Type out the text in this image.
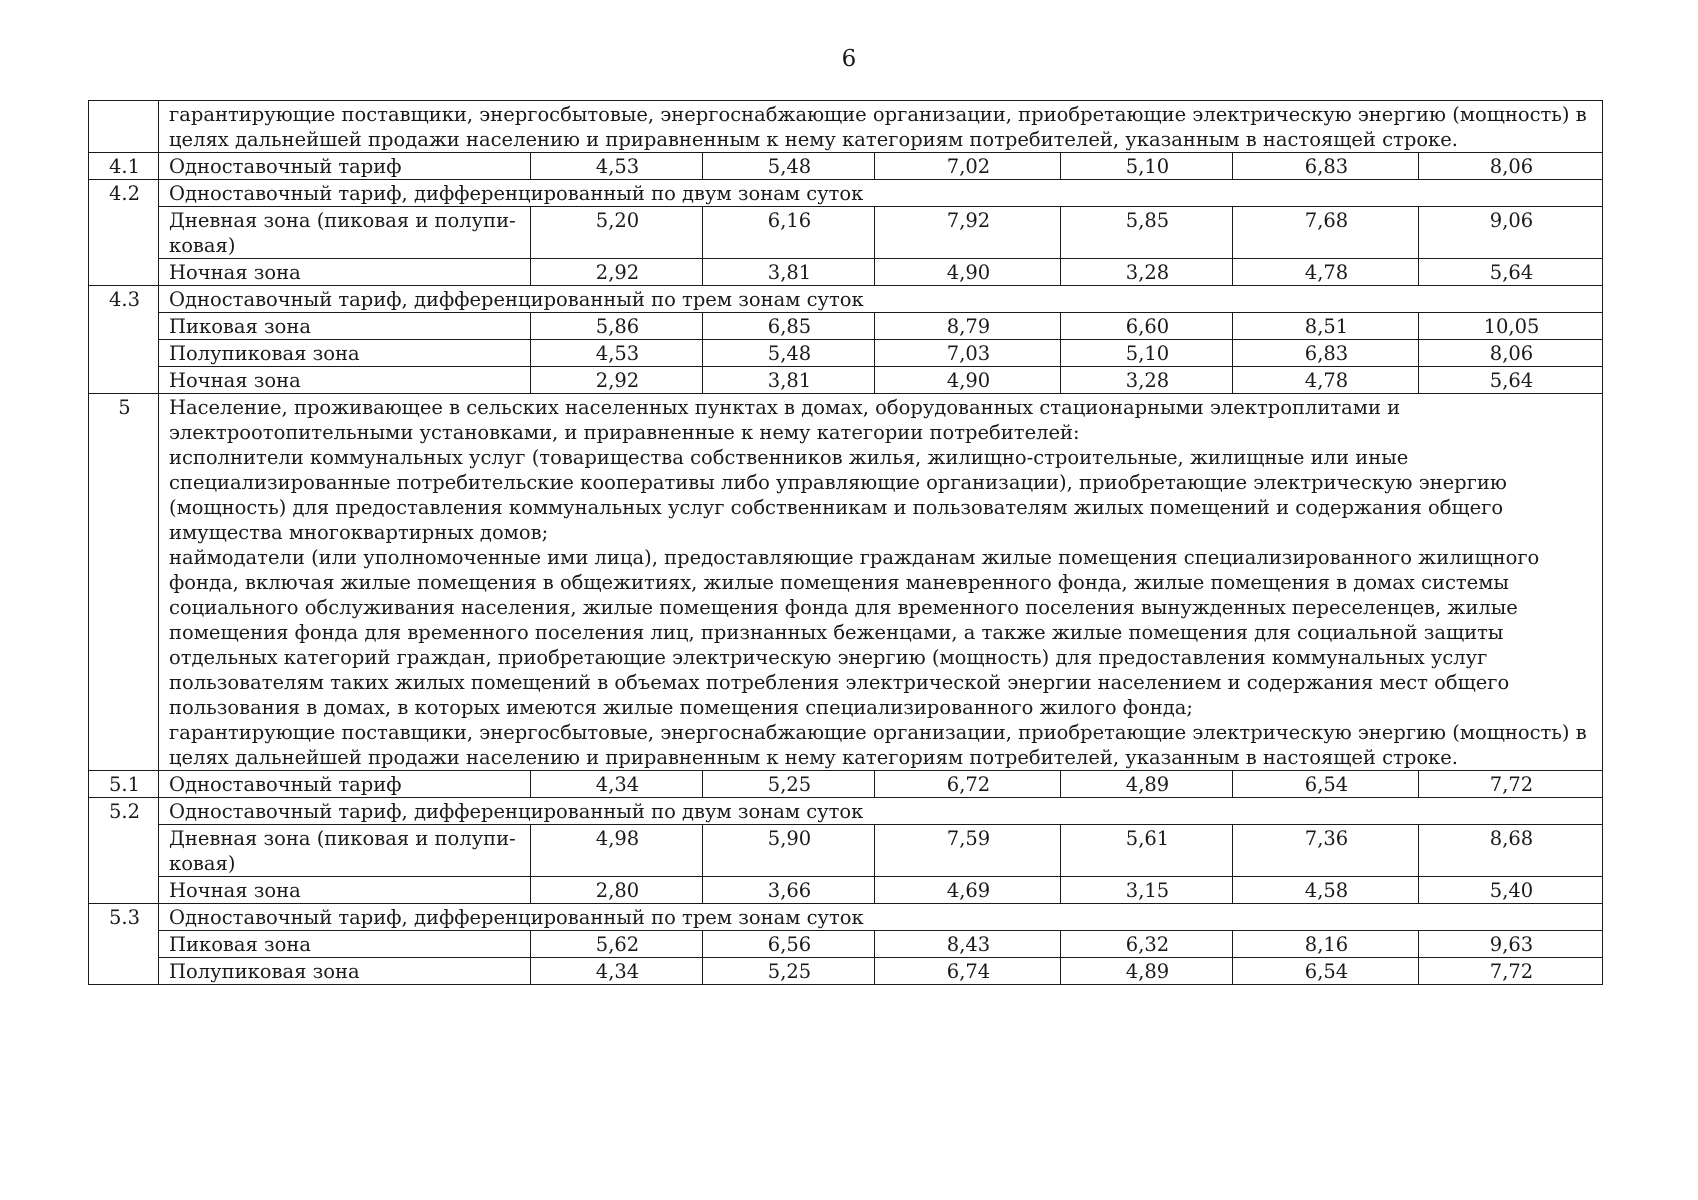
6
	гарантирующие поставщики, энергосбытовые, энергоснабжающие организации, приобретающие электрическую энергию (мощность) в целях дальнейшей продажи населению и приравненным к нему категориям потребителей, указанным в настоящей строке.						
4.1	Одноставочный тариф	4,53	5,48	7,02	5,10	6,83	8,06
4.2	Одноставочный тариф, дифференцированный по двум зонам суток						
	Дневная зона (пиковая и полупи-ковая)	5,20	6,16	7,92	5,85	7,68	9,06
	Ночная зона	2,92	3,81	4,90	3,28	4,78	5,64
4.3	Одноставочный тариф, дифференцированный по трем зонам суток						
	Пиковая зона	5,86	6,85	8,79	6,60	8,51	10,05
	Полупиковая зона	4,53	5,48	7,03	5,10	6,83	8,06
	Ночная зона	2,92	3,81	4,90	3,28	4,78	5,64
5	Население, проживающее в сельских населенных пунктах в домах, оборудованных стационарными электроплитами и электроотопительными установками, и приравненные к нему категории потребителей:
исполнители коммунальных услуг (товарищества собственников жилья, жилищно-строительные, жилищные или иные специализированные потребительские кооперативы либо управляющие организации), приобретающие электрическую энергию (мощность) для предоставления коммунальных услуг собственникам и пользователям жилых помещений и содержания общего имущества многоквартирных домов;
наймодатели (или уполномоченные ими лица), предоставляющие гражданам жилые помещения специализированного жилищного фонда, включая жилые помещения в общежитиях, жилые помещения маневренного фонда, жилые помещения в домах системы социального обслуживания населения, жилые помещения фонда для временного поселения вынужденных переселенцев, жилые помещения фонда для временного поселения лиц, признанных беженцами, а также жилые помещения для социальной защиты отдельных категорий граждан, приобретающие электрическую энергию (мощность) для предоставления коммунальных услуг пользователям таких жилых помещений в объемах потребления электрической энергии населением и содержания мест общего пользования в домах, в которых имеются жилые помещения специализированного жилого фонда;
гарантирующие поставщики, энергосбытовые, энергоснабжающие организации, приобретающие электрическую энергию (мощность) в целях дальнейшей продажи населению и приравненным к нему категориям потребителей, указанным в настоящей строке.						

5.1	Одноставочный тариф	4,34	5,25	6,72	4,89	6,54	7,72
5.2	Одноставочный тариф, дифференцированный по двум зонам суток						
	Дневная зона (пиковая и полупи-ковая)	4,98	5,90	7,59	5,61	7,36	8,68
	Ночная зона	2,80	3,66	4,69	3,15	4,58	5,40
5.3	Одноставочный тариф, дифференцированный по трем зонам суток						
	Пиковая зона	5,62	6,56	8,43	6,32	8,16	9,63
	Полупиковая зона	4,34	5,25	6,74	4,89	6,54	7,72
